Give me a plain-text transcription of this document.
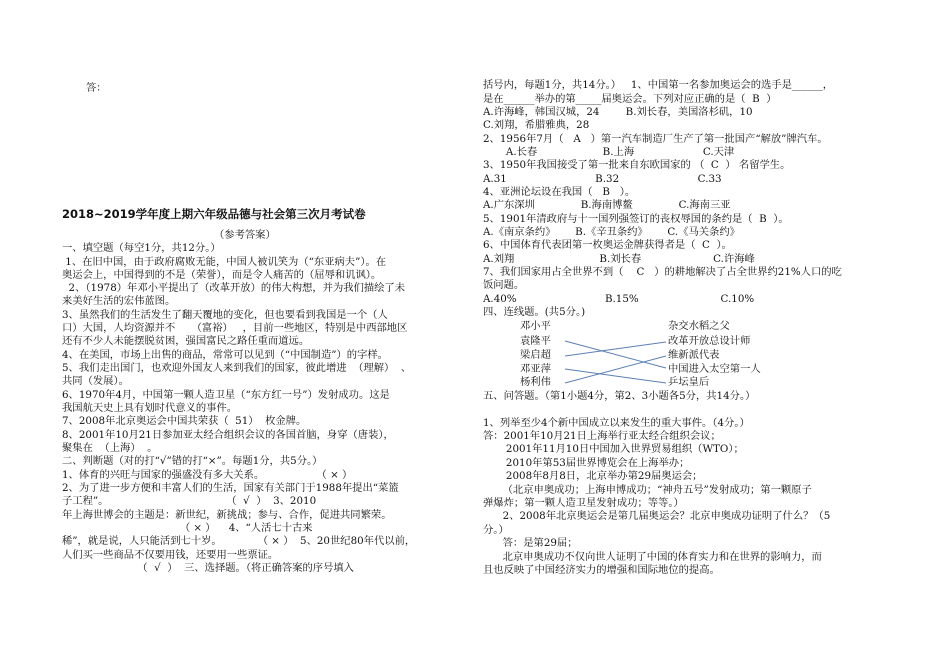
答：
2018~2019学年度上期六年级品德与社会第三次月考试卷
（参考答案）
一、填空题（每空1分，共12分。）
1、在旧中国，由于政府腐败无能，中国人被讥笑为（“东亚病夫”）。在
奥运会上，中国得到的不是（荣誉），而是令人痛苦的（屈辱和讥讽）。
2、（1978）年邓小平提出了（改革开放）的伟大构想，并为我们描绘了未
来美好生活的宏伟蓝图。
3、虽然我们的生活发生了翻天覆地的变化，但也要看到我国是一个（人
口）大国，人均资源并不     （富裕）   ，目前一些地区，特别是中西部地区
还有不少人未能摆脱贫困，强国富民之路任重而道远。
4、在美国，市场上出售的商品，常常可以见到（“中国制造”）的字样。
5、我们走出国门，也欢迎外国友人来到我们的国家，彼此增进  （理解）  、
共同（发展）。
6、1970年4月，中国第一颗人造卫星（“东方红一号”）发射成功。这是
我国航天史上具有划时代意义的事件。
7、2008年北京奥运会中国共荣获（  51）  枚金牌。
8、2001年10月21日参加亚太经合组织会议的各国首脑，身穿（唐装），
聚集在  （上海）  。
二、判断题（对的打“√”错的打“×”。每题1分，共5分。）
1、体育的兴旺与国家的强盛没有多大关系。                （ × ）
2、为了进一步方便和丰富人们的生活，国家有关部门于1988年提出“菜篮
子工程”。                                    （  √  ）  3、2010
年上海世博会的主题是：新世纪，新挑战；参与、合作，促进共同繁荣。
（ × ）    4、“人活七十古来
稀”，就是说，人只能活到七十岁。           （ × ）  5、20世纪80年代以前，
人们买一些商品不仅要用钱，还要用一些票证。
（  √  ）  三、选择题。（将正确答案的序号填入
括号内，每题1分，共14分。）   1、中国第一名参加奥运会的选手是______，
是在______举办的第_____届奥运会。下列对应正确的是（  B  ）
A.许海峰，韩国汉城，24        B.刘长春，美国洛杉矶，10
C.刘翔，希腊雅典，28
2、1956年7月（   A   ）第一汽车制造厂生产了第一批国产“解放”牌汽车。
A.长春                    B.上海                     C.天津
3、1950年我国接受了第一批来自东欧国家的 （  C  ） 名留学生。
A.31                           B.32                        C.33
4、亚洲论坛设在我国（   B   ）。
A.广东深圳              B.海南博鳌              C.海南三亚
5、1901年清政府与十一国列强签订的丧权辱国的条约是（  B  ）。
A.《南京条约》      B.《辛丑条约》      C.《马关条约》
6、中国体育代表团第一枚奥运金牌获得者是（  C  ）。
A.刘翔                          B.刘长春                      C.许海峰
7、我们国家用占全世界不到（    C   ）的耕地解决了占全世界约21%人口的吃
饭问题。
A.40%                           B.15%                         C.10%
四、连线题。(共5分。)
邓小平
袁隆平
梁启超
邓亚萍
杨利伟
杂交水稻之父
改革开放总设计师
维新派代表
中国进入太空第一人
乒坛皇后
五、问答题。（第1小题4分，第2、3小题各5分，共14分。）
1、列举至少4个新中国成立以来发生的重大事件。（4分。）
答：2001年10月21日上海举行亚太经合组织会议；
2001年11月10日中国加入世界贸易组织（WTO）；
2010年第53届世界博览会在上海举办；
2008年8月8日，北京举办第29届奥运会；
（北京申奥成功；上海申博成功；“神舟五号”发射成功；第一颗原子
弹爆炸；第一颗人造卫星发射成功；等等。）
2、2008年北京奥运会是第几届奥运会？北京申奥成功证明了什么？（5
分。）
答：是第29届；
北京申奥成功不仅向世人证明了中国的体育实力和在世界的影响力，而
且也反映了中国经济实力的增强和国际地位的提高。
